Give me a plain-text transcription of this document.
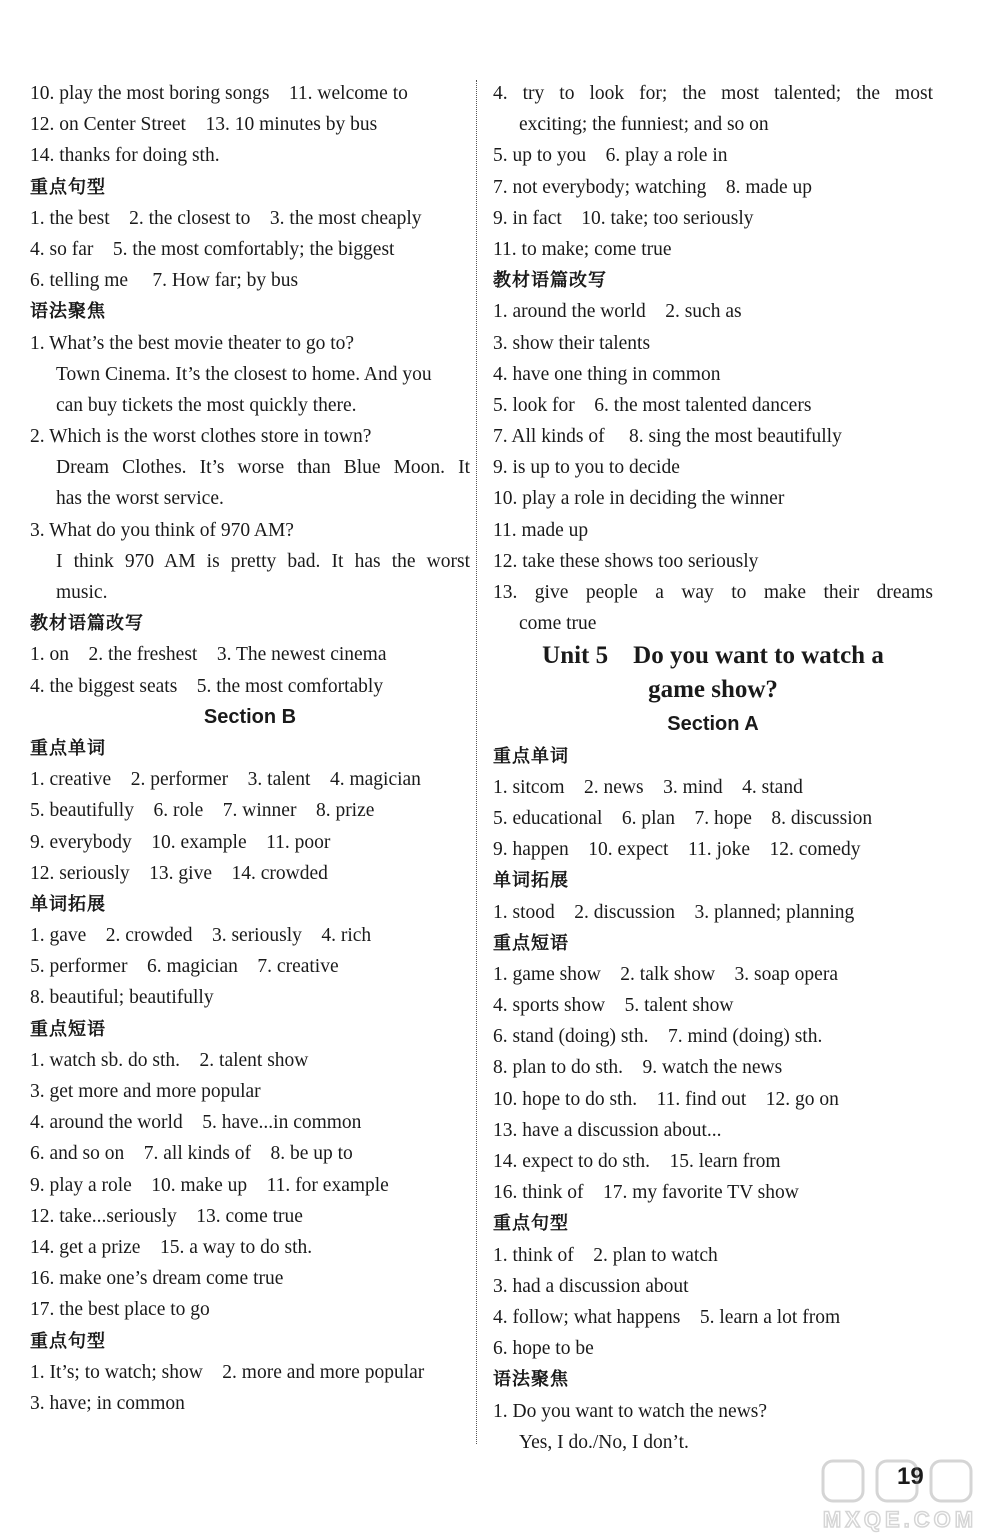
10. play the most boring songs    11. welcome to
12. on Center Street    13. 10 minutes by bus
14. thanks for doing sth.
重点句型
1. the best    2. the closest to    3. the most cheaply
4. so far    5. the most comfortably; the biggest
6. telling me     7. How far; by bus
语法聚焦
1. What’s the best movie theater to go to?
Town Cinema. It’s the closest to home. And you
can buy tickets the most quickly there.
2. Which is the worst clothes store in town?
Dream Clothes. It’s worse than Blue Moon. It
has the worst service.
3. What do you think of 970 AM?
I think 970 AM is pretty bad. It has the worst
music.
教材语篇改写
1. on    2. the freshest    3. The newest cinema
4. the biggest seats    5. the most comfortably
Section B
重点单词
1. creative    2. performer    3. talent    4. magician
5. beautifully    6. role    7. winner    8. prize
9. everybody    10. example    11. poor
12. seriously    13. give    14. crowded
单词拓展
1. gave    2. crowded    3. seriously    4. rich
5. performer    6. magician    7. creative
8. beautiful; beautifully
重点短语
1. watch sb. do sth.    2. talent show
3. get more and more popular
4. around the world    5. have...in common
6. and so on    7. all kinds of    8. be up to
9. play a role    10. make up    11. for example
12. take...seriously    13. come true
14. get a prize    15. a way to do sth.
16. make one’s dream come true
17. the best place to go
重点句型
1. It’s; to watch; show    2. more and more popular
3. have; in common
4. try to look for; the most talented; the most
exciting; the funniest; and so on
5. up to you    6. play a role in
7. not everybody; watching    8. made up
9. in fact    10. take; too seriously
11. to make; come true
教材语篇改写
1. around the world    2. such as
3. show their talents
4. have one thing in common
5. look for    6. the most talented dancers
7. All kinds of     8. sing the most beautifully
9. is up to you to decide
10. play a role in deciding the winner
11. made up
12. take these shows too seriously
13. give people a way to make their dreams
come true
Unit 5    Do you want to watch a
game show?
Section A
重点单词
1. sitcom    2. news    3. mind    4. stand
5. educational    6. plan    7. hope    8. discussion
9. happen    10. expect    11. joke    12. comedy
单词拓展
1. stood    2. discussion    3. planned; planning
重点短语
1. game show    2. talk show    3. soap opera
4. sports show    5. talent show
6. stand (doing) sth.    7. mind (doing) sth.
8. plan to do sth.    9. watch the news
10. hope to do sth.    11. find out    12. go on
13. have a discussion about...
14. expect to do sth.    15. learn from
16. think of    17. my favorite TV show
重点句型
1. think of    2. plan to watch
3. had a discussion about
4. follow; what happens    5. learn a lot from
6. hope to be
语法聚焦
1. Do you want to watch the news?
Yes, I do./No, I don’t.
19
MXQE.COM
